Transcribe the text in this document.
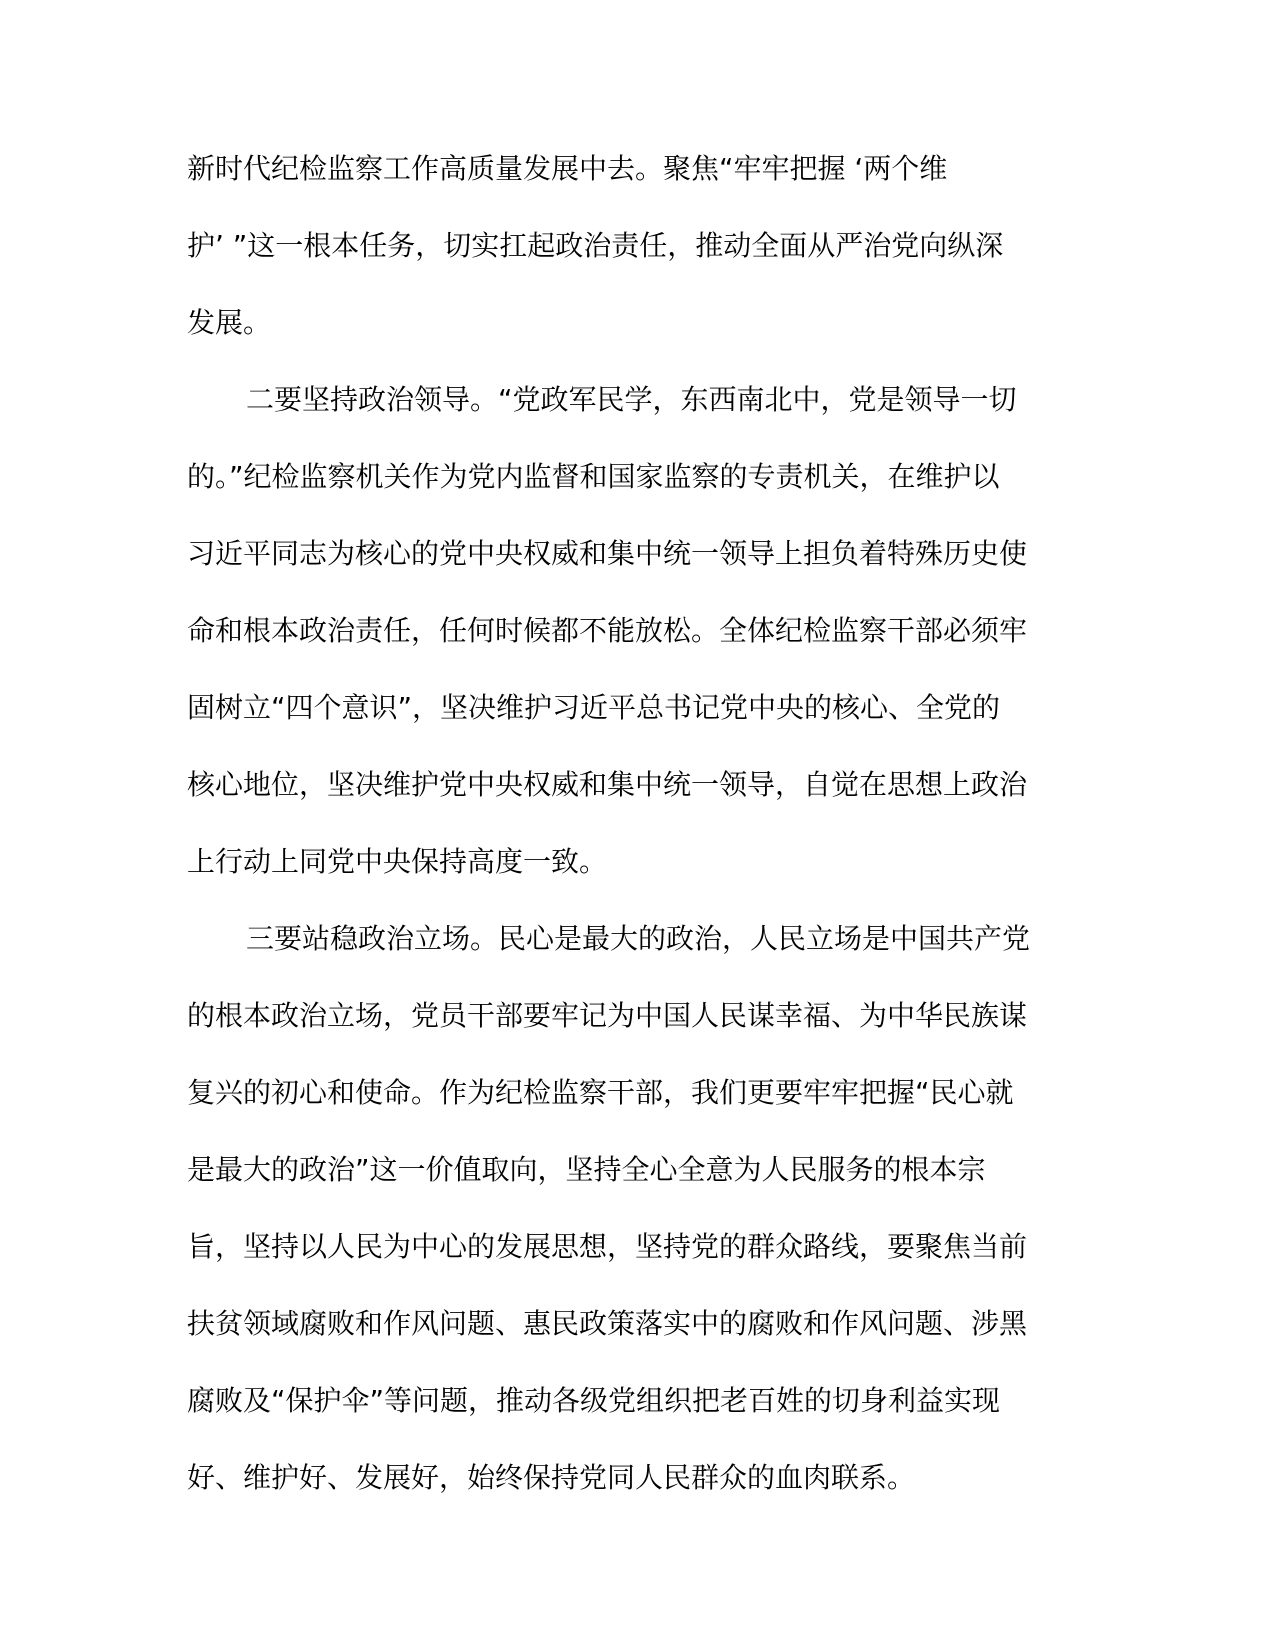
新时代纪检监察工作高质量发展中去。聚焦“牢牢把握 ‘两个维
护’ ”这一根本任务，切实扛起政治责任，推动全面从严治党向纵深
发展。
二要坚持政治领导。“党政军民学，东西南北中，党是领导一切
的。”纪检监察机关作为党内监督和国家监察的专责机关，在维护以
习近平同志为核心的党中央权威和集中统一领导上担负着特殊历史使
命和根本政治责任，任何时候都不能放松。全体纪检监察干部必须牢
固树立“四个意识”，坚决维护习近平总书记党中央的核心、全党的
核心地位，坚决维护党中央权威和集中统一领导，自觉在思想上政治
上行动上同党中央保持高度一致。
三要站稳政治立场。民心是最大的政治，人民立场是中国共产党
的根本政治立场，党员干部要牢记为中国人民谋幸福、为中华民族谋
复兴的初心和使命。作为纪检监察干部，我们更要牢牢把握“民心就
是最大的政治”这一价值取向，坚持全心全意为人民服务的根本宗
旨，坚持以人民为中心的发展思想，坚持党的群众路线，要聚焦当前
扶贫领域腐败和作风问题、惠民政策落实中的腐败和作风问题、涉黑
腐败及“保护伞”等问题，推动各级党组织把老百姓的切身利益实现
好、维护好、发展好，始终保持党同人民群众的血肉联系。
